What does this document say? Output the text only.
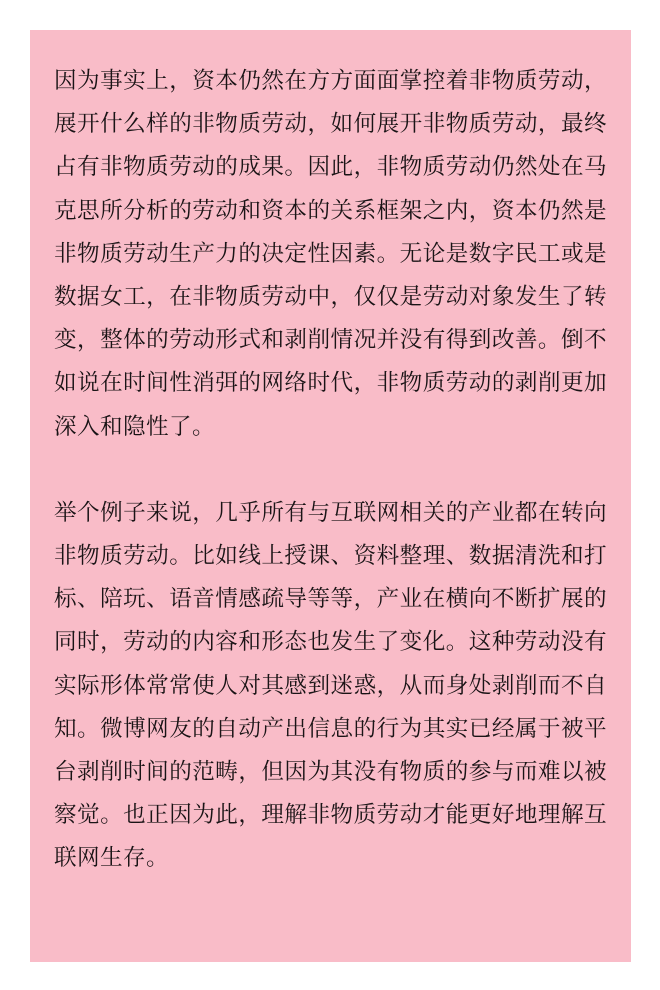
因为事实上，资本仍然在方方面面掌控着非物质劳动，展开什么样的非物质劳动，如何展开非物质劳动，最终占有非物质劳动的成果。因此，非物质劳动仍然处在马克思所分析的劳动和资本的关系框架之内，资本仍然是非物质劳动生产力的决定性因素。无论是数字民工或是数据女工，在非物质劳动中，仅仅是劳动对象发生了转变，整体的劳动形式和剥削情况并没有得到改善。倒不如说在时间性消弭的网络时代，非物质劳动的剥削更加深入和隐性了。

举个例子来说，几乎所有与互联网相关的产业都在转向非物质劳动。比如线上授课、资料整理、数据清洗和打标、陪玩、语音情感疏导等等，产业在横向不断扩展的同时，劳动的内容和形态也发生了变化。这种劳动没有实际形体常常使人对其感到迷惑，从而身处剥削而不自知。微博网友的自动产出信息的行为其实已经属于被平台剥削时间的范畴，但因为其没有物质的参与而难以被察觉。也正因为此，理解非物质劳动才能更好地理解互联网生存。
